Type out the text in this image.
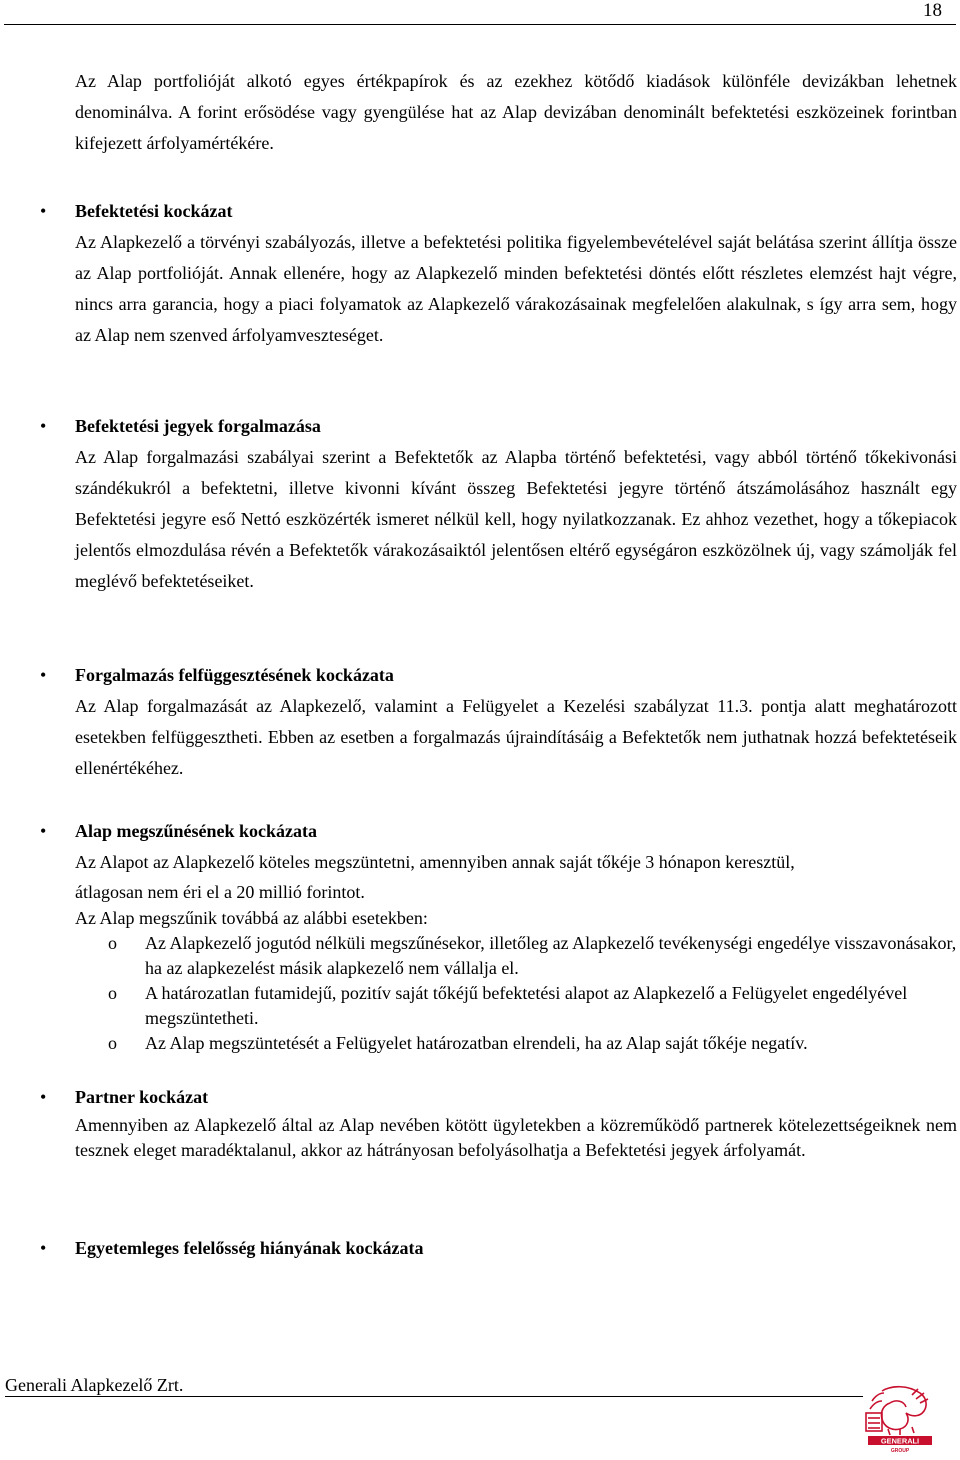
18

Az Alap portfolióját alkotó egyes értékpapírok és az ezekhez kötődő kiadások különféle devizákban lehetnek denominálva. A forint erősödése vagy gyengülése hat az Alap devizában denominált befektetési eszközeinek forintban kifejezett árfolyamértékére.

•	Befektetési kockázat

Az Alapkezelő a törvényi szabályozás, illetve a befektetési politika figyelembevételével saját belátása szerint állítja össze az Alap portfolióját. Annak ellenére, hogy az Alapkezelő minden befektetési döntés előtt részletes elemzést hajt végre, nincs arra garancia, hogy a piaci folyamatok az Alapkezelő várakozásainak megfelelően alakulnak, s így arra sem, hogy az Alap nem szenved árfolyamveszteséget.

•	Befektetési jegyek forgalmazása

Az Alap forgalmazási szabályai szerint a Befektetők az Alapba történő befektetési, vagy abból történő tőkekivonási szándékukról a befektetni, illetve kivonni kívánt összeg Befektetési jegyre történő átszámolásához használt egy Befektetési jegyre eső Nettó eszközérték ismeret nélkül kell, hogy nyilatkozzanak. Ez ahhoz vezethet, hogy a tőkepiacok jelentős elmozdulása révén a Befektetők várakozásaiktól jelentősen eltérő egységáron eszközölnek új, vagy számolják fel meglévő befektetéseiket.

•	Forgalmazás felfüggesztésének kockázata

Az Alap forgalmazását az Alapkezelő, valamint a Felügyelet a Kezelési szabályzat 11.3. pontja alatt meghatározott esetekben felfüggesztheti. Ebben az esetben a forgalmazás újraindításáig a Befektetők nem juthatnak hozzá befektetéseik ellenértékéhez.

•	Alap megszűnésének kockázata

Az Alapot az Alapkezelő köteles megszüntetni, amennyiben annak saját tőkéje 3 hónapon keresztül,

átlagosan nem éri el a 20 millió forintot.

Az Alap megszűnik továbbá az alábbi esetekben:

o Az Alapkezelő jogutód nélküli megszűnésekor, illetőleg az Alapkezelő tevékenységi engedélye visszavonásakor, ha az alapkezelést másik alapkezelő nem vállalja el.
o A határozatlan futamidejű, pozitív saját tőkéjű befektetési alapot az Alapkezelő a Felügyelet engedélyével megszüntetheti.
o Az Alap megszüntetését a Felügyelet határozatban elrendeli, ha az Alap saját tőkéje negatív.
•	Partner kockázat

Amennyiben az Alapkezelő által az Alap nevében kötött ügyletekben a közreműködő partnerek kötelezettségeiknek nem tesznek eleget maradéktalanul, akkor az hátrányosan befolyásolhatja a Befektetési jegyek árfolyamát.

•	Egyetemleges felelősség hiányának kockázata
Generali Alapkezelő Zrt.
GENERALI
GROUP
